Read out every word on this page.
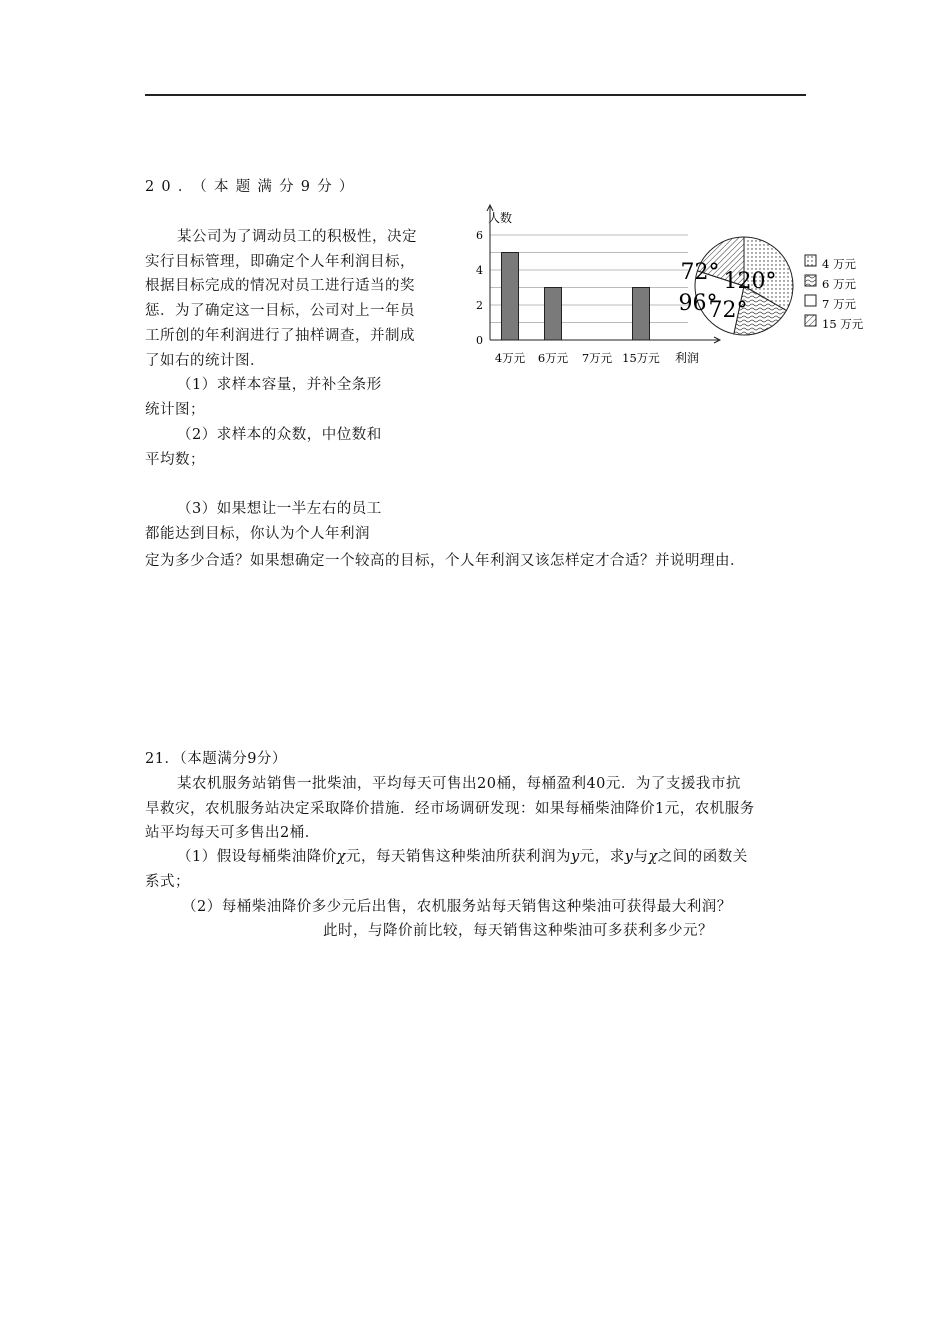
20．（本题满分9分）
某公司为了调动员工的积极性，决定
实行目标管理，即确定个人年利润目标，
根据目标完成的情况对员工进行适当的奖
惩．为了确定这一目标，公司对上一年员
工所创的年利润进行了抽样调查，并制成
了如右的统计图．
（1）求样本容量，并补全条形
统计图；
（2）求样本的众数，中位数和
平均数；
（3）如果想让一半左右的员工
都能达到目标，你认为个人年利润
定为多少合适？如果想确定一个较高的目标，个人年利润又该怎样定才合适？并说明理由．
0
2
4
6
4万元 6万元 7万元 15万元
人数
利润
120°
72°
96°
72°	4 万元
6 万元
7 万元
15 万元
21．（本题满分9分）
某农机服务站销售一批柴油，平均每天可售出20桶，每桶盈利40元．为了支援我市抗
旱救灾，农机服务站决定采取降价措施．经市场调研发现：如果每桶柴油降价1元，农机服务
站平均每天可多售出2桶．
（1）假设每桶柴油降价χ元，每天销售这种柴油所获利润为y元，求y与χ之间的函数关
系式；
（2）每桶柴油降价多少元后出售，农机服务站每天销售这种柴油可获得最大利润？
此时，与降价前比较，每天销售这种柴油可多获利多少元？
